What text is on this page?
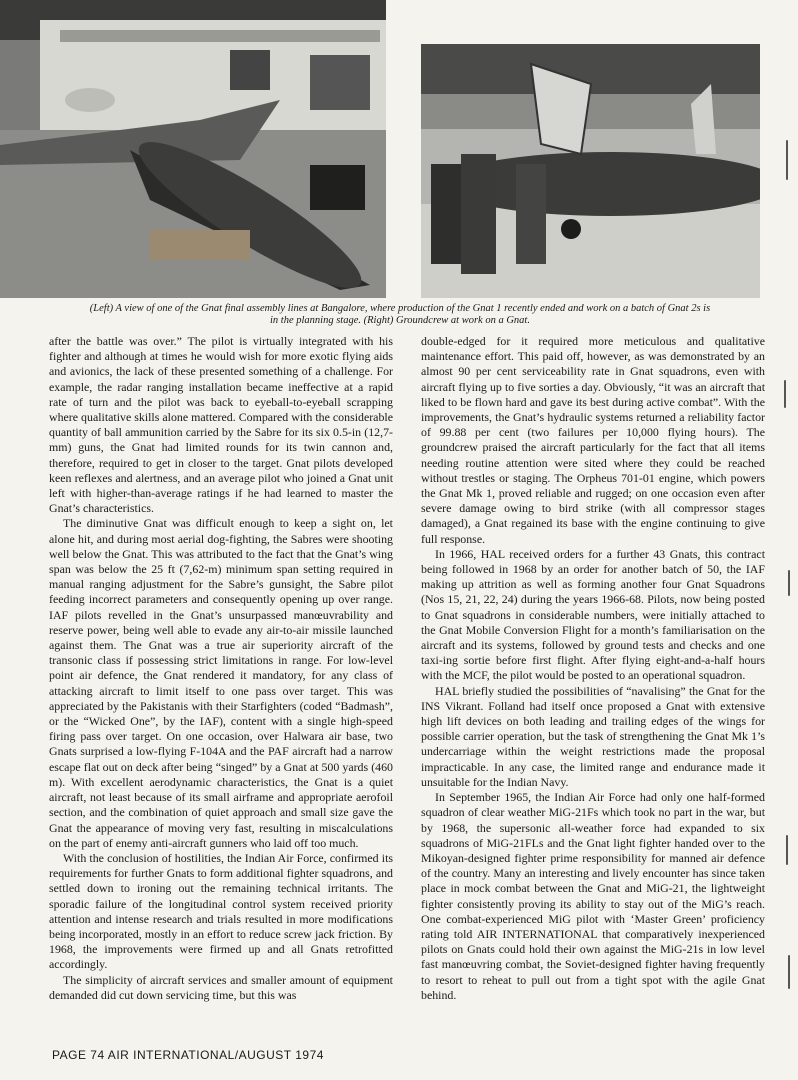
(Left) A view of one of the Gnat final assembly lines at Bangalore, where production of the Gnat 1 recently ended and work on a batch of Gnat 2s is
in the planning stage. (Right) Groundcrew at work on a Gnat.

after the battle was over.” The pilot is virtually integrated with his fighter and although at times he would wish for more exotic flying aids and avionics, the lack of these presented something of a challenge. For example, the radar ranging installation became ineffective at a rapid rate of turn and the pilot was back to eyeball-to-eyeball scrapping where qualitative skills alone mattered. Compared with the considerable quantity of ball ammunition carried by the Sabre for its six 0.5-in (12,7-mm) guns, the Gnat had limited rounds for its twin cannon and, therefore, required to get in closer to the target. Gnat pilots developed keen reflexes and alertness, and an average pilot who joined a Gnat unit left with higher-than-average ratings if he had learned to master the Gnat’s characteristics.

The diminutive Gnat was difficult enough to keep a sight on, let alone hit, and during most aerial dog-fighting, the Sabres were shooting well below the Gnat. This was attributed to the fact that the Gnat’s wing span was below the 25 ft (7,62-m) minimum span setting required in manual ranging adjustment for the Sabre’s gunsight, the Sabre pilot feeding incorrect parameters and consequently opening up over range. IAF pilots revelled in the Gnat’s unsurpassed manœuvrability and reserve power, being well able to evade any air-to-air missile launched against them. The Gnat was a true air superiority aircraft of the transonic class if possessing strict limitations in range. For low-level point air defence, the Gnat rendered it mandatory, for any class of attacking aircraft to limit itself to one pass over target. This was appreciated by the Pakistanis with their Starfighters (coded “Badmash”, or the “Wicked One”, by the IAF), content with a single high-speed firing pass over target. On one occasion, over Halwara air base, two Gnats surprised a low-flying F-104A and the PAF aircraft had a narrow escape flat out on deck after being “singed” by a Gnat at 500 yards (460 m). With excellent aerodynamic characteristics, the Gnat is a quiet aircraft, not least because of its small airframe and appropriate aerofoil section, and the combination of quiet approach and small size gave the Gnat the appearance of moving very fast, resulting in miscalculations on the part of enemy anti-aircraft gunners who laid off too much.

With the conclusion of hostilities, the Indian Air Force, confirmed its requirements for further Gnats to form additional fighter squadrons, and settled down to ironing out the remaining technical irritants. The sporadic failure of the longitudinal control system received priority attention and intense research and trials resulted in more modifications being incorporated, mostly in an effort to reduce screw jack friction. By 1968, the improvements were firmed up and all Gnats retrofitted accordingly.

The simplicity of aircraft services and smaller amount of equipment demanded did cut down servicing time, but this was

double-edged for it required more meticulous and qualitative maintenance effort. This paid off, however, as was demonstrated by an almost 90 per cent serviceability rate in Gnat squadrons, even with aircraft flying up to five sorties a day. Obviously, “it was an aircraft that liked to be flown hard and gave its best during active combat”. With the improvements, the Gnat’s hydraulic systems returned a reliability factor of 99.88 per cent (two failures per 10,000 flying hours). The groundcrew praised the aircraft particularly for the fact that all items needing routine attention were sited where they could be reached without trestles or staging. The Orpheus 701-01 engine, which powers the Gnat Mk 1, proved reliable and rugged; on one occasion even after severe damage owing to bird strike (with all compressor stages damaged), a Gnat regained its base with the engine continuing to give full response.

In 1966, HAL received orders for a further 43 Gnats, this contract being followed in 1968 by an order for another batch of 50, the IAF making up attrition as well as forming another four Gnat Squadrons (Nos 15, 21, 22, 24) during the years 1966-68. Pilots, now being posted to Gnat squadrons in considerable numbers, were initially attached to the Gnat Mobile Conversion Flight for a month’s familiarisation on the aircraft and its systems, followed by ground tests and checks and one taxi-ing sortie before first flight. After flying eight-and-a-half hours with the MCF, the pilot would be posted to an operational squadron.

HAL briefly studied the possibilities of “navalising” the Gnat for the INS Vikrant. Folland had itself once proposed a Gnat with extensive high lift devices on both leading and trailing edges of the wings for possible carrier operation, but the task of strengthening the Gnat Mk 1’s undercarriage within the weight restrictions made the proposal impracticable. In any case, the limited range and endurance made it unsuitable for the Indian Navy.

In September 1965, the Indian Air Force had only one half-formed squadron of clear weather MiG-21Fs which took no part in the war, but by 1968, the supersonic all-weather force had expanded to six squadrons of MiG-21FLs and the Gnat light fighter handed over to the Mikoyan-designed fighter prime responsibility for manned air defence of the country. Many an interesting and lively encounter has since taken place in mock combat between the Gnat and MiG-21, the lightweight fighter consistently proving its ability to stay out of the MiG’s reach. One combat-experienced MiG pilot with ‘Master Green’ proficiency rating told AIR INTERNATIONAL that comparatively inexperienced pilots on Gnats could hold their own against the MiG-21s in low level fast manœuvring combat, the Soviet-designed fighter having frequently to resort to reheat to pull out from a tight spot with the agile Gnat behind.

PAGE 74 AIR INTERNATIONAL/AUGUST 1974
